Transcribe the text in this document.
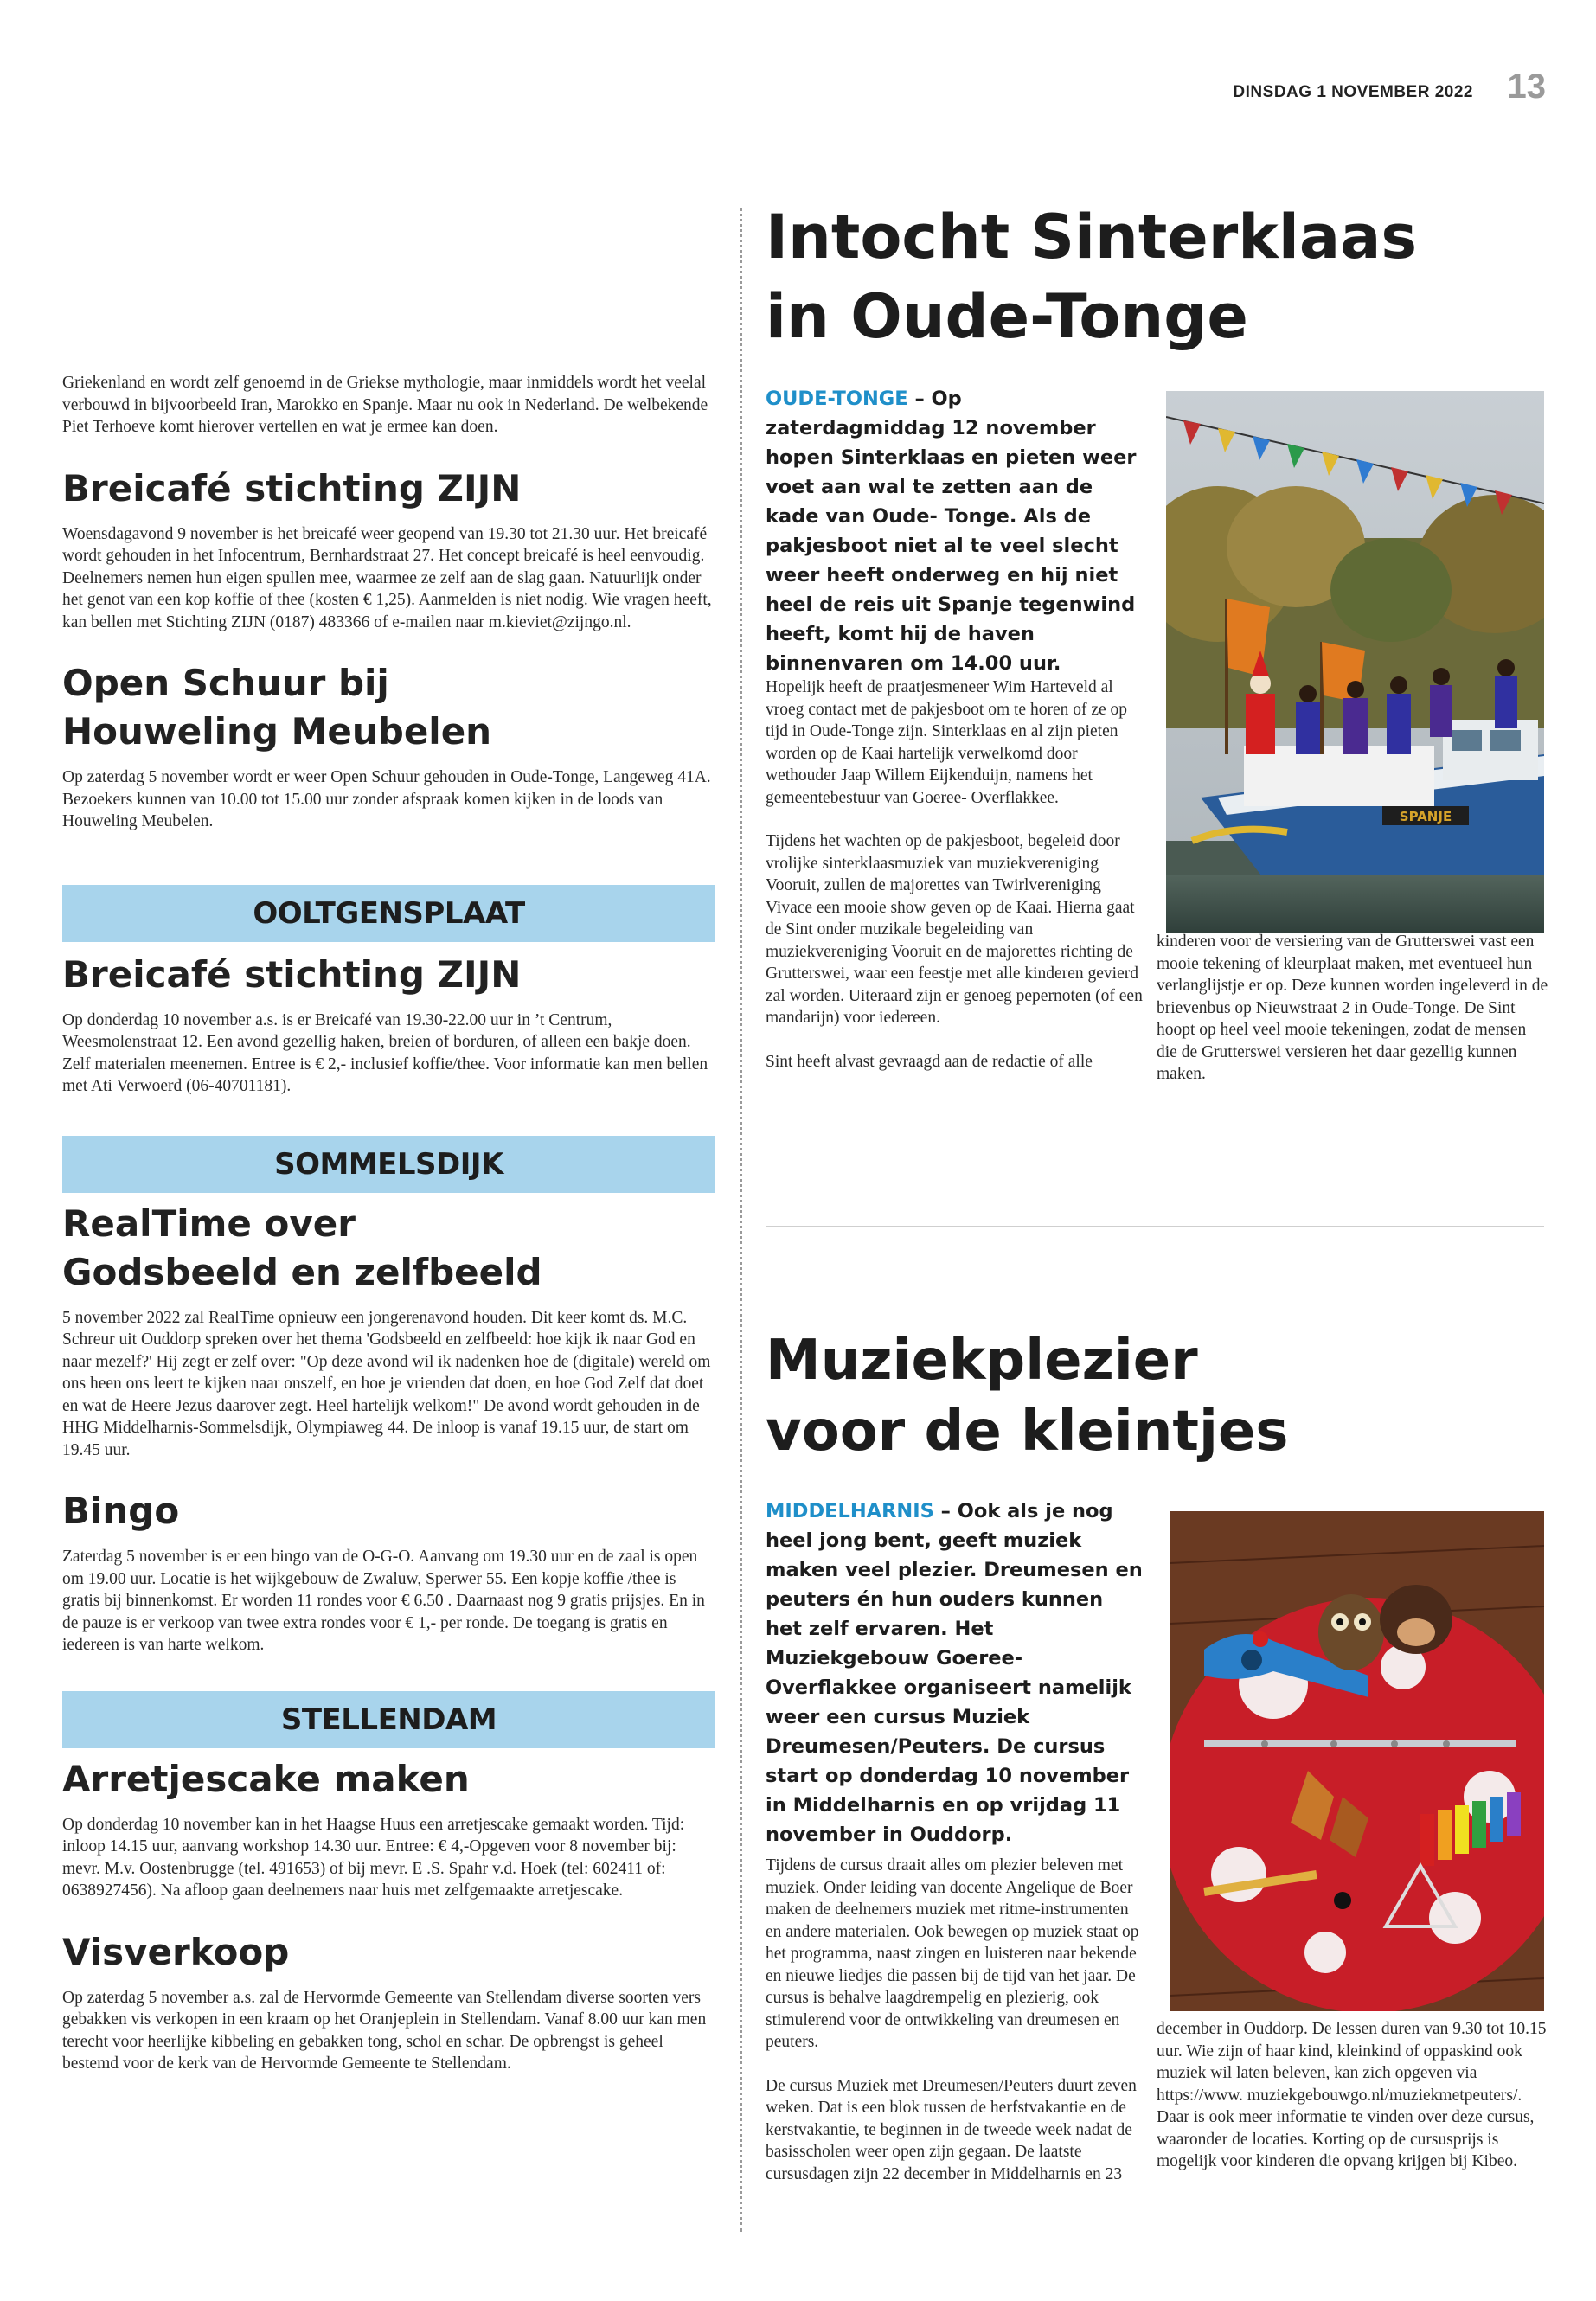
DINSDAG 1 NOVEMBER 2022 13

Griekenland en wordt zelf genoemd in de Griekse mythologie, maar inmiddels wordt het veelal verbouwd in bijvoorbeeld Iran, Marokko en Spanje. Maar nu ook in Nederland. De welbekende Piet Terhoeve komt hierover vertellen en wat je ermee kan doen.

Breicafé stichting ZIJN

Woensdagavond 9 november is het breicafé weer geopend van 19.30 tot 21.30 uur. Het breicafé wordt gehouden in het Infocentrum, Bernhardstraat 27. Het concept breicafé is heel eenvoudig. Deelnemers nemen hun eigen spullen mee, waarmee ze zelf aan de slag gaan. Natuurlijk onder het genot van een kop koffie of thee (kosten € 1,25). Aanmelden is niet nodig. Wie vragen heeft, kan bellen met Stichting ZIJN (0187) 483366 of e-mailen naar m.kieviet@zijngo.nl.

Open Schuur bij
Houweling Meubelen

Op zaterdag 5 november wordt er weer Open Schuur gehouden in Oude-Tonge, Langeweg 41A.

Bezoekers kunnen van 10.00 tot 15.00 uur zonder afspraak komen kijken in de loods van Houweling Meubelen.

OOLTGENSPLAAT
Breicafé stichting ZIJN

Op donderdag 10 november a.s. is er Breicafé van 19.30-22.00 uur in ’t Centrum, Weesmolenstraat 12. Een avond gezellig haken, breien of borduren, of alleen een bakje doen. Zelf materialen meenemen. Entree is € 2,- inclusief koffie/thee. Voor informatie kan men bellen met Ati Verwoerd (06-40701181).

SOMMELSDIJK
RealTime over
Godsbeeld en zelfbeeld

5 november 2022 zal RealTime opnieuw een jongerenavond houden. Dit keer komt ds. M.C. Schreur uit Ouddorp spreken over het thema 'Godsbeeld en zelfbeeld: hoe kijk ik naar God en naar mezelf?' Hij zegt er zelf over: "Op deze avond wil ik nadenken hoe de (digitale) wereld om ons heen ons leert te kijken naar onszelf, en hoe je vrienden dat doen, en hoe God Zelf dat doet en wat de Heere Jezus daarover zegt. Heel hartelijk welkom!" De avond wordt gehouden in de HHG Middelharnis-Sommelsdijk, Olympiaweg 44. De inloop is vanaf 19.15 uur, de start om 19.45 uur.

Bingo

Zaterdag 5 november is er een bingo van de O-G-O. Aanvang om 19.30 uur en de zaal is open om 19.00 uur. Locatie is het wijkgebouw de Zwaluw, Sperwer 55. Een kopje koffie /thee is gratis bij binnenkomst. Er worden 11 rondes voor € 6.50 . Daarnaast nog 9 gratis prijsjes. En in de pauze is er verkoop van twee extra rondes voor € 1,- per ronde. De toegang is gratis en iedereen is van harte welkom.

STELLENDAM
Arretjescake maken

Op donderdag 10 november kan in het Haagse Huus een arretjescake gemaakt worden. Tijd: inloop 14.15 uur, aanvang workshop 14.30 uur. Entree: € 4,-Opgeven voor 8 november bij: mevr. M.v. Oostenbrugge (tel. 491653) of bij mevr. E .S. Spahr v.d. Hoek (tel: 602411 of: 0638927456). Na afloop gaan deelnemers naar huis met zelfgemaakte arretjescake.

Visverkoop

Op zaterdag 5 november a.s. zal de Hervormde Gemeente van Stellendam diverse soorten vers gebakken vis verkopen in een kraam op het Oranjeplein in Stellendam. Vanaf 8.00 uur kan men terecht voor heerlijke kibbeling en gebakken tong, schol en schar. De opbrengst is geheel bestemd voor de kerk van de Hervormde Gemeente te Stellendam.

Intocht Sinterklaas
in Oude-Tonge

OUDE-TONGE – Op zaterdagmiddag 12 november hopen Sinterklaas en pieten weer voet aan wal te zetten aan de kade van Oude- Tonge. Als de pakjesboot niet al te veel slecht weer heeft onderweg en hij niet heel de reis uit Spanje tegenwind heeft, komt hij de haven binnenvaren om 14.00 uur.

Hopelijk heeft de praatjesmeneer Wim Harteveld al vroeg contact met de pakjesboot om te horen of ze op tijd in Oude-Tonge zijn. Sinterklaas en al zijn pieten worden op de Kaai hartelijk verwelkomd door wethouder Jaap Willem Eijkenduijn, namens het gemeentebestuur van Goeree- Overflakkee.

Tijdens het wachten op de pakjesboot, begeleid door vrolijke sinterklaasmuziek van muziekvereniging Vooruit, zullen de majorettes van Twirlvereniging Vivace een mooie show geven op de Kaai. Hierna gaat de Sint onder muzikale begeleiding van muziekvereniging Vooruit en de majorettes richting de Grutterswei, waar een feestje met alle kinderen gevierd zal worden. Uiteraard zijn er genoeg pepernoten (of een mandarijn) voor iedereen.

Sint heeft alvast gevraagd aan de redactie of alle

SPANJE

kinderen voor de versiering van de Grutterswei vast een mooie tekening of kleurplaat maken, met eventueel hun verlanglijstje er op. Deze kunnen worden ingeleverd in de brievenbus op Nieuwstraat 2 in Oude-Tonge. De Sint hoopt op heel veel mooie tekeningen, zodat de mensen die de Grutterswei versieren het daar gezellig kunnen maken.

Muziekplezier
voor de kleintjes

MIDDELHARNIS – Ook als je nog heel jong bent, geeft muziek maken veel plezier. Dreumesen en peuters én hun ouders kunnen het zelf ervaren. Het Muziekgebouw Goeree-Overflakkee organiseert namelijk weer een cursus Muziek Dreumesen/Peuters. De cursus start op donderdag 10 november in Middelharnis en op vrijdag 11 november in Ouddorp.

Tijdens de cursus draait alles om plezier beleven met muziek. Onder leiding van docente Angelique de Boer maken de deelnemers muziek met ritme-instrumenten en andere materialen. Ook bewegen op muziek staat op het programma, naast zingen en luisteren naar bekende en nieuwe liedjes die passen bij de tijd van het jaar. De cursus is behalve laagdrempelig en plezierig, ook stimulerend voor de ontwikkeling van dreumesen en peuters.

De cursus Muziek met Dreumesen/Peuters duurt zeven weken. Dat is een blok tussen de herfstvakantie en de kerstvakantie, te beginnen in de tweede week nadat de basisscholen weer open zijn gegaan. De laatste cursusdagen zijn 22 december in Middelharnis en 23

december in Ouddorp. De lessen duren van 9.30 tot 10.15 uur. Wie zijn of haar kind, kleinkind of oppaskind ook muziek wil laten beleven, kan zich opgeven via https://www. muziekgebouwgo.nl/muziekmetpeuters/. Daar is ook meer informatie te vinden over deze cursus, waaronder de locaties. Korting op de cursusprijs is mogelijk voor kinderen die opvang krijgen bij Kibeo.
